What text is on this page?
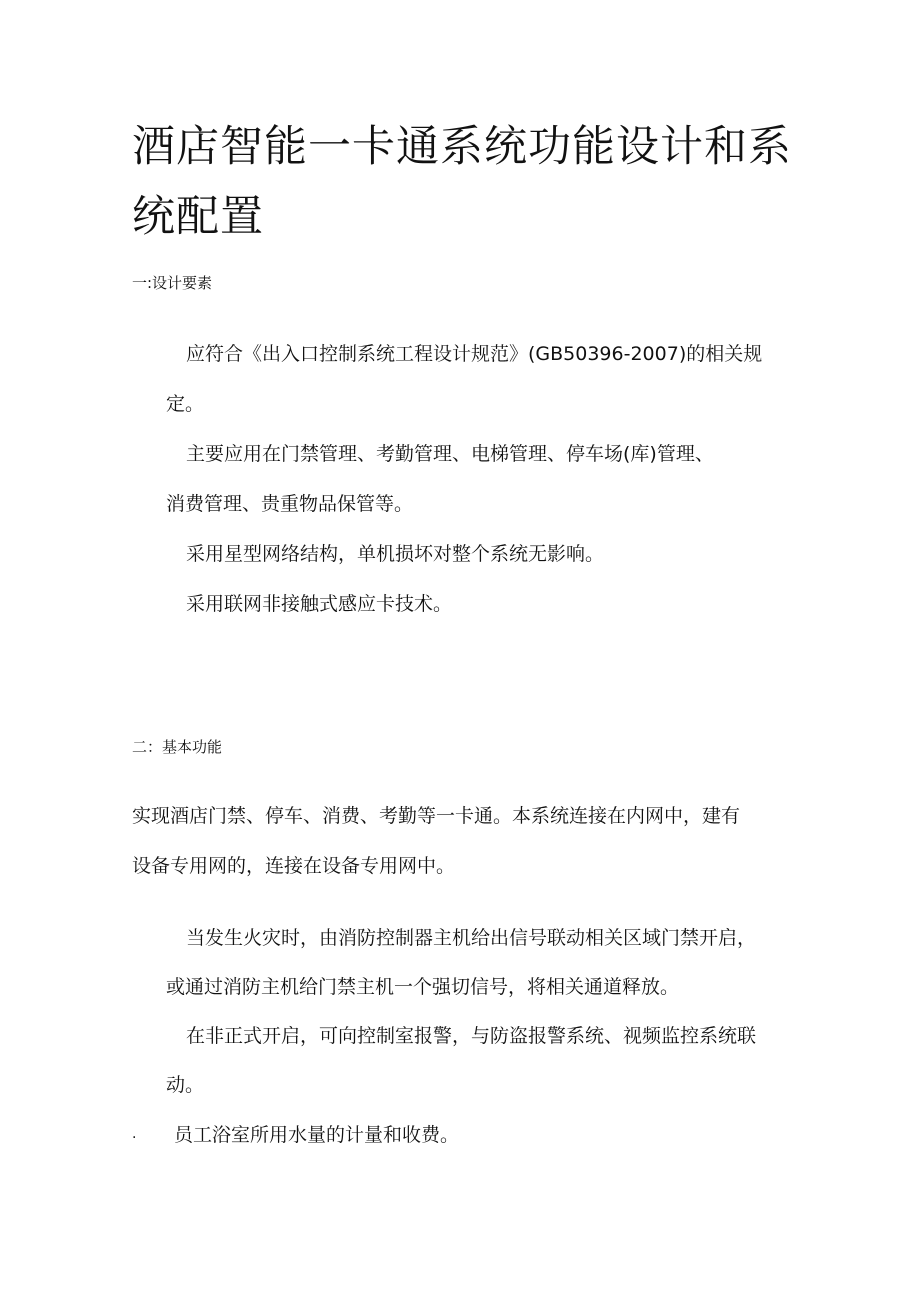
酒店智能一卡通系统功能设计和系统配置

一:设计要素

应符合《出入口控制系统工程设计规范》(GB50396-2007)的相关规

定。

主要应用在门禁管理、考勤管理、电梯管理、停车场(库)管理、

消费管理、贵重物品保管等。

采用星型网络结构，单机损坏对整个系统无影响。

采用联网非接触式感应卡技术。

二：基本功能

实现酒店门禁、停车、消费、考勤等一卡通。本系统连接在内网中，建有

设备专用网的，连接在设备专用网中。

当发生火灾时，由消防控制器主机给出信号联动相关区域门禁开启，

或通过消防主机给门禁主机一个强切信号，将相关通道释放。

在非正式开启，可向控制室报警，与防盗报警系统、视频监控系统联

动。

. 员工浴室所用水量的计量和收费。
